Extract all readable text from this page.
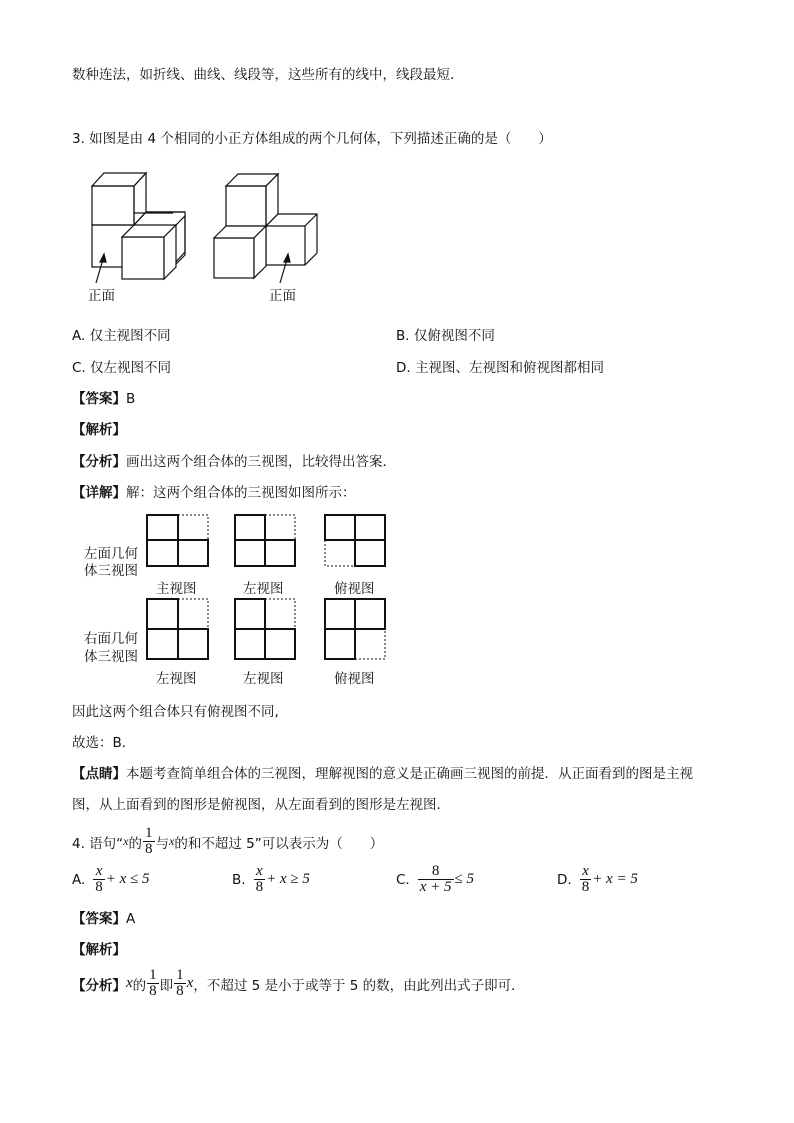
数种连法，如折线、曲线、线段等，这些所有的线中，线段最短．
3. 如图是由 4 个相同的小正方体组成的两个几何体，下列描述正确的是（　　）
正面	正面
A. 仅主视图不同	B. 仅俯视图不同
C. 仅左视图不同	D. 主视图、左视图和俯视图都相同
【答案】B
【解析】
【分析】画出这两个组合体的三视图，比较得出答案．
【详解】解：这两个组合体的三视图如图所示：
左面几何
体三视图
右面几何
体三视图
主视图	左视图	俯视图
左视图	左视图	俯视图
因此这两个组合体只有俯视图不同,
故选：B．
【点睛】本题考查简单组合体的三视图，理解视图的意义是正确画三视图的前提．从正面看到的图是主视
图，从上面看到的图形是俯视图，从左面看到的图形是左视图．
4. 语句“ x 的 $\frac{1}{8}$ 与 x 的和不超过 5”可以表示为（　　）
A. $\frac{x}{8} + x \le 5$	B. $\frac{x}{8} + x \ge 5$	C. $\frac{8}{x + 5} \le 5$	D. $\frac{x}{8} + x = 5$
【答案】A
【解析】
【分析】 x 的 $\frac{1}{8}$ 即 $\frac{1}{8}$ x ，不超过 5 是小于或等于 5 的数，由此列出式子即可．
